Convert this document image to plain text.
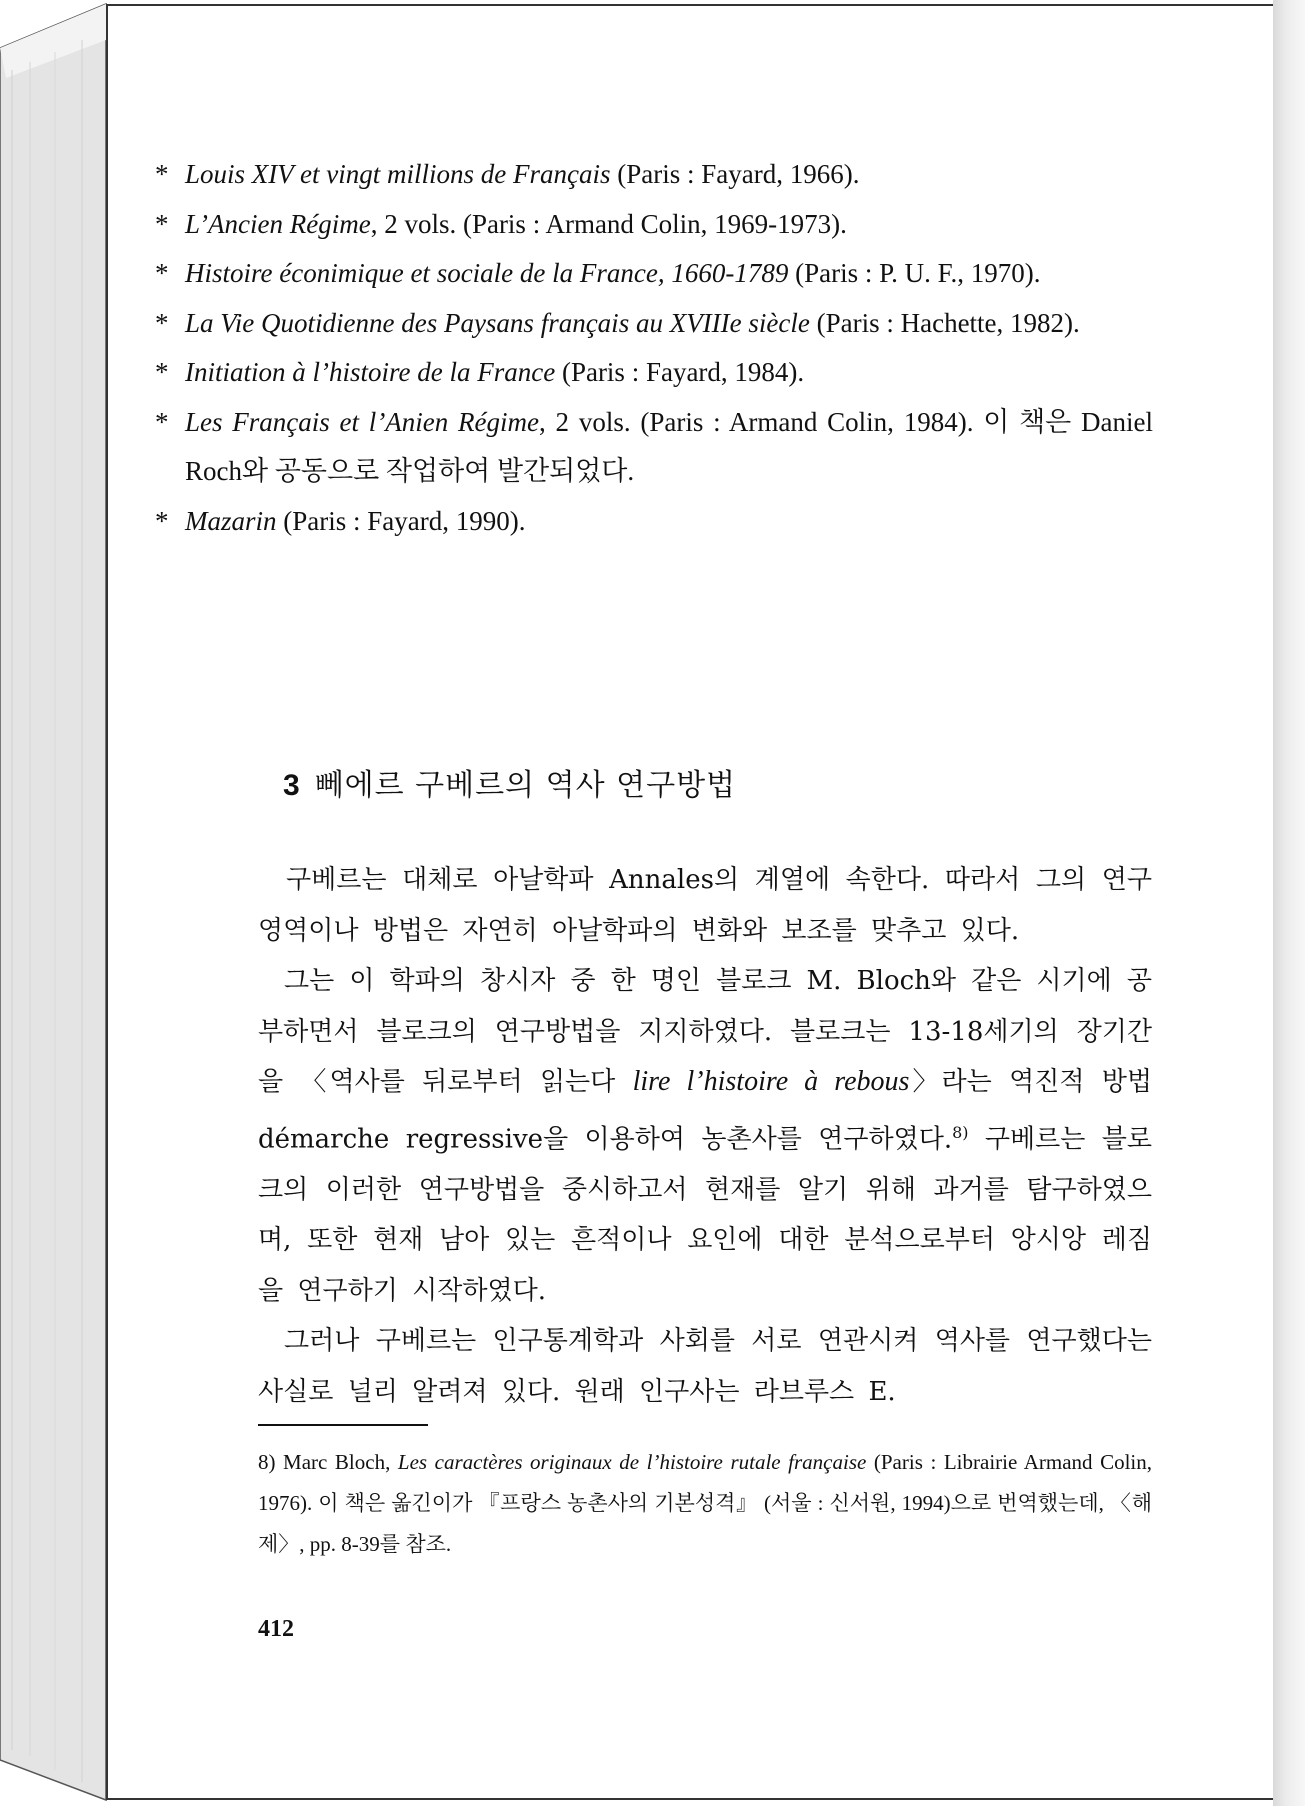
* Louis XIV et vingt millions de Français (Paris : Fayard, 1966).
* L’Ancien Régime, 2 vols. (Paris : Armand Colin, 1969-1973).
* Histoire éconimique et sociale de la France, 1660-1789 (Paris : P. U. F., 1970).
* La Vie Quotidienne des Paysans français au XVIIIe siècle (Paris : Hachette, 1982).
* Initiation à l’histoire de la France (Paris : Fayard, 1984).
* Les Français et l’Anien Régime, 2 vols. (Paris : Armand Colin, 1984). 이 책은 Daniel Roch와 공동으로 작업하여 발간되었다.
* Mazarin (Paris : Fayard, 1990).
3 뻬에르 구베르의 역사 연구방법

구베르는 대체로 아날학파 Annales의 계열에 속한다. 따라서 그의 연구영역이나 방법은 자연히 아날학파의 변화와 보조를 맞추고 있다.

그는 이 학파의 창시자 중 한 명인 블로크 M. Bloch와 같은 시기에 공부하면서 블로크의 연구방법을 지지하였다. 블로크는 13-18세기의 장기간을 〈역사를 뒤로부터 읽는다 lire l’histoire à rebous〉라는 역진적 방법 démarche regressive을 이용하여 농촌사를 연구하였다.$^{8)}$ 구베르는 블로크의 이러한 연구방법을 중시하고서 현재를 알기 위해 과거를 탐구하였으며, 또한 현재 남아 있는 흔적이나 요인에 대한 분석으로부터 앙시앙 레짐을 연구하기 시작하였다.

그러나 구베르는 인구통계학과 사회를 서로 연관시켜 역사를 연구했다는 사실로 널리 알려져 있다. 원래 인구사는 라브루스 E.

8) Marc Bloch, Les caractères originaux de l’histoire rutale française (Paris : Librairie Armand Colin, 1976). 이 책은 옮긴이가 『프랑스 농촌사의 기본성격』 (서울 : 신서원, 1994)으로 번역했는데, 〈해제〉, pp. 8-39를 참조.
412
